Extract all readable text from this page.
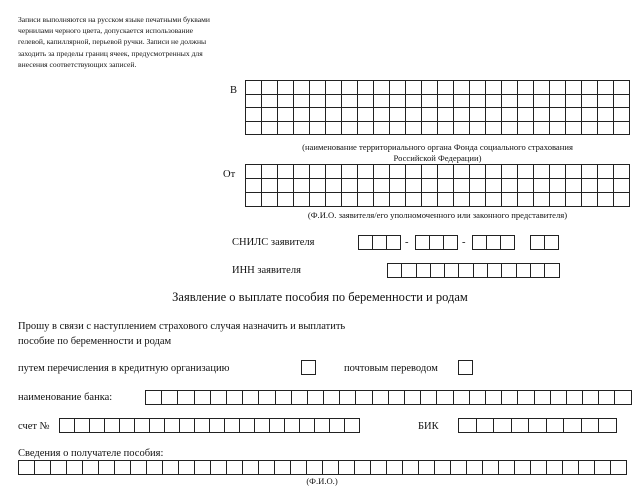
Записи выполняются на русском языке печатными буквами чернилами черного цвета, допускается использование гелевой, капиллярной, перьевой ручки. Записи не должны заходить за пределы границ ячеек, предусмотренных для внесения соответствующих записей.
В
(наименование территориального органа Фонда социального страхования
Российской Федерации)
От
(Ф.И.О. заявителя/его уполномоченного или законного представителя)
СНИЛС заявителя	-	-
ИНН заявителя
Заявление о выплате пособия по беременности и родам
Прошу в связи с наступлением страхового случая назначить и выплатить
пособие по беременности и родам
путем перечисления в кредитную организацию	почтовым переводом
наименование банка:
счет №	БИК
Сведения о получателе пособия:
(Ф.И.О.)
